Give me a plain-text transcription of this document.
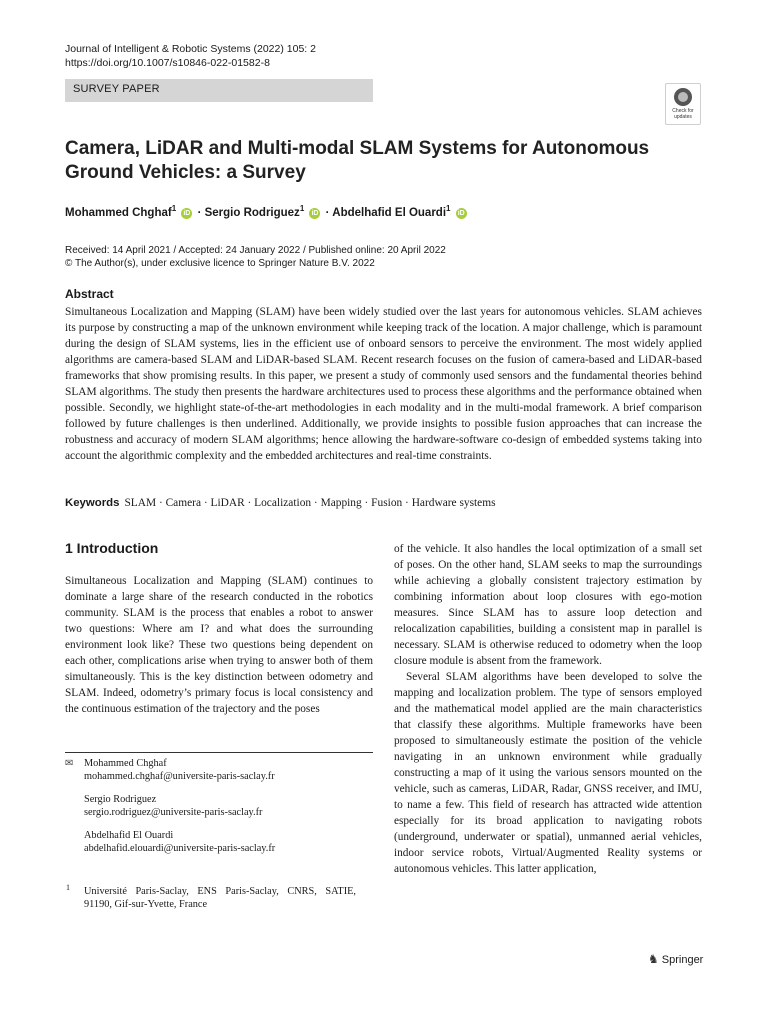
Journal of Intelligent & Robotic Systems (2022) 105: 2
https://doi.org/10.1007/s10846-022-01582-8
SURVEY PAPER
Check for updates
Camera, LiDAR and Multi-modal SLAM Systems for Autonomous Ground Vehicles: a Survey
Mohammed Chghaf$^1$ iD · Sergio Rodriguez$^1$ iD · Abdelhafid El Ouardi$^1$ iD
Received: 14 April 2021 / Accepted: 24 January 2022 / Published online: 20 April 2022
© The Author(s), under exclusive licence to Springer Nature B.V. 2022
Abstract
Simultaneous Localization and Mapping (SLAM) have been widely studied over the last years for autonomous vehicles. SLAM achieves its purpose by constructing a map of the unknown environment while keeping track of the location. A major challenge, which is paramount during the design of SLAM systems, lies in the efficient use of onboard sensors to perceive the environment. The most widely applied algorithms are camera-based SLAM and LiDAR-based SLAM. Recent research focuses on the fusion of camera-based and LiDAR-based frameworks that show promising results. In this paper, we present a study of commonly used sensors and the fundamental theories behind SLAM algorithms. The study then presents the hardware architectures used to process these algorithms and the performance obtained when possible. Secondly, we highlight state-of-the-art methodologies in each modality and in the multi-modal framework. A brief comparison followed by future challenges is then underlined. Additionally, we provide insights to possible fusion approaches that can increase the robustness and accuracy of modern SLAM algorithms; hence allowing the hardware-software co-design of embedded systems taking into account the algorithmic complexity and the embedded architectures and real-time constraints.
Keywords SLAM · Camera · LiDAR · Localization · Mapping · Fusion · Hardware systems
1 Introduction

Simultaneous Localization and Mapping (SLAM) continues to dominate a large share of the research conducted in the robotics community. SLAM is the process that enables a robot to answer two questions: Where am I? and what does the surrounding environment look like? These two questions being dependent on each other, complications arise when trying to answer both of them simultaneously. This is the key distinction between odometry and SLAM. Indeed, odometry’s primary focus is local consistency and the continuous estimation of the trajectory and the poses

✉ Mohammed Chghaf
mohammed.chghaf@universite-paris-saclay.fr

Sergio Rodriguez
sergio.rodriguez@universite-paris-saclay.fr

Abdelhafid El Ouardi
abdelhafid.elouardi@universite-paris-saclay.fr

1 Université Paris-Saclay, ENS Paris-Saclay, CNRS, SATIE, 91190, Gif-sur-Yvette, France

of the vehicle. It also handles the local optimization of a small set of poses. On the other hand, SLAM seeks to map the surroundings while achieving a globally consistent trajectory estimation by combining information about loop closures with ego-motion measures. Since SLAM has to assure loop detection and relocalization capabilities, building a consistent map in parallel is necessary. SLAM is otherwise reduced to odometry when the loop closure module is absent from the framework.

Several SLAM algorithms have been developed to solve the mapping and localization problem. The type of sensors employed and the mathematical model applied are the main characteristics that classify these algorithms. Multiple frameworks have been proposed to simultaneously estimate the position of the vehicle navigating in an unknown environment while gradually constructing a map of it using the various sensors mounted on the vehicle, such as cameras, LiDAR, Radar, GNSS receiver, and IMU, to name a few. This field of research has attracted wide attention especially for its broad application to navigating robots (underground, underwater or spatial), unmanned aerial vehicles, indoor service robots, Virtual/Augmented Reality systems or autonomous vehicles. This latter application,

♞ Springer
